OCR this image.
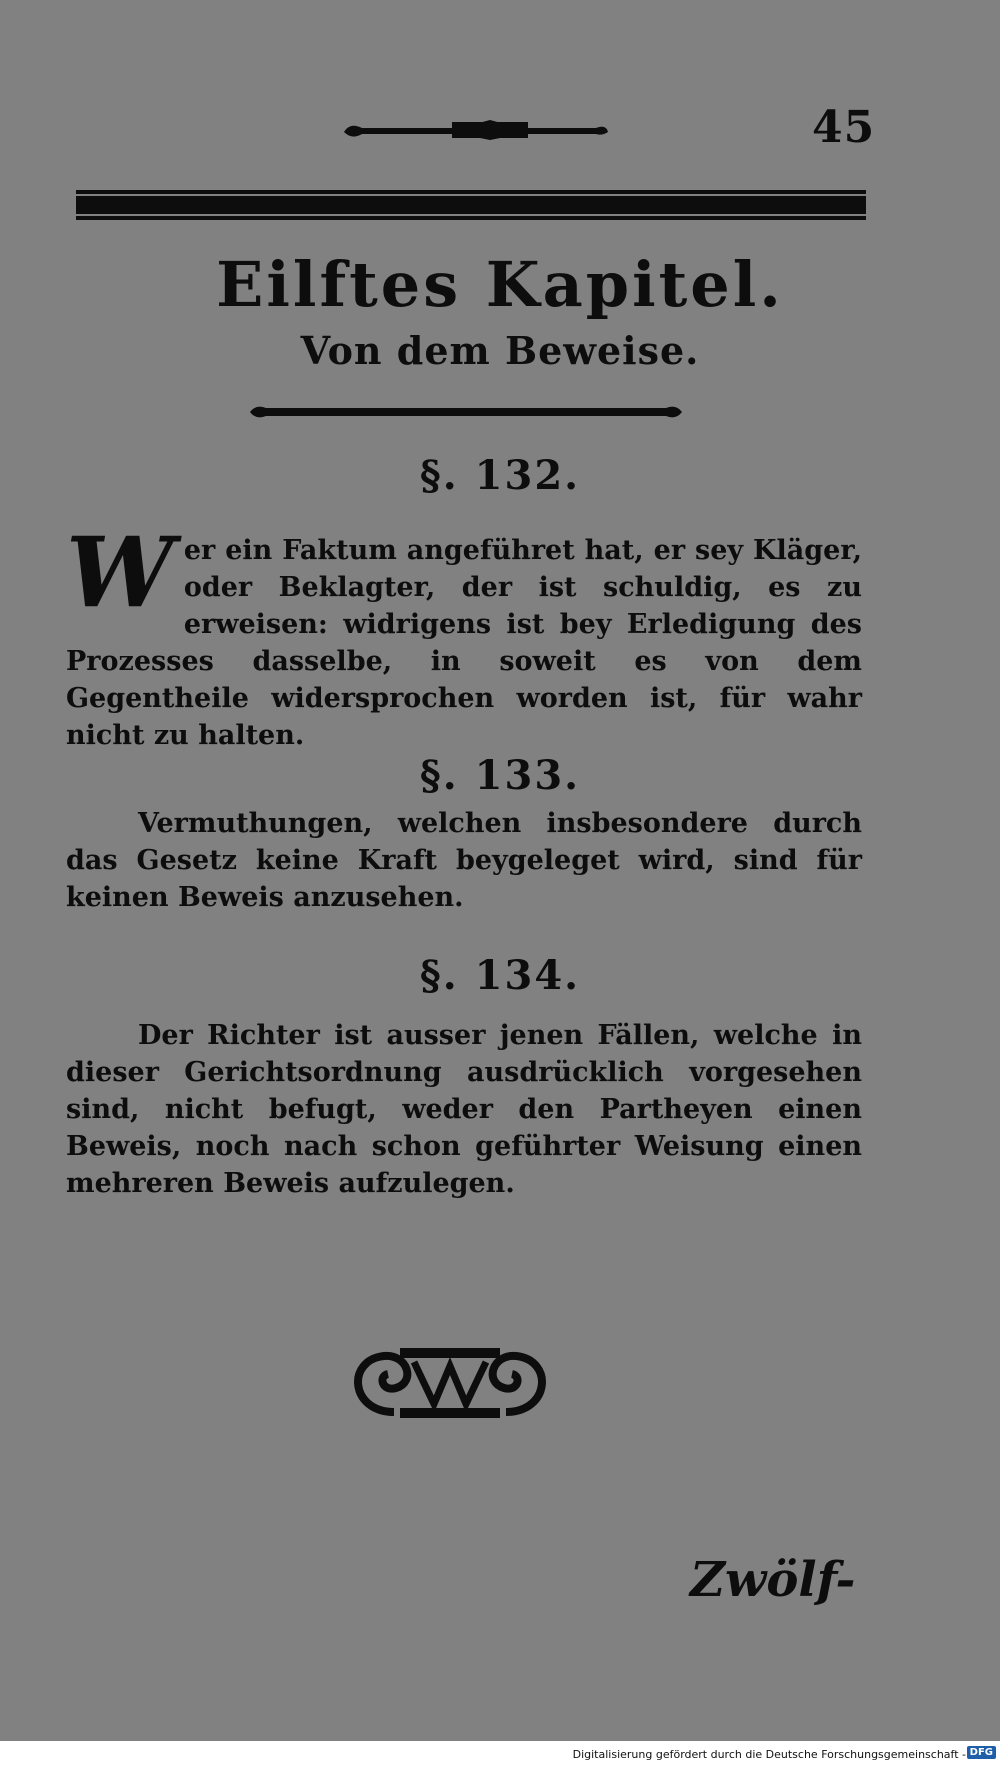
45
Eilftes Kapitel.
Von dem Beweise.
§. 132.

Wer ein Faktum angeführet hat, er sey Kläger, oder Beklagter, der ist schuldig, es zu erweisen: widrigens ist bey Erledigung des Prozesses dasselbe, in soweit es von dem Gegentheile widersprochen worden ist, für wahr nicht zu halten.

§. 133.

Vermuthungen, welchen insbesondere durch das Gesetz keine Kraft beygeleget wird, sind für keinen Beweis anzusehen.

§. 134.

Der Richter ist ausser jenen Fällen, welche in dieser Gerichtsordnung ausdrücklich vorgesehen sind, nicht befugt, weder den Partheyen einen Beweis, noch nach schon geführter Weisung einen mehreren Beweis aufzulegen.

Zwölf-
Digitalisierung gefördert durch die Deutsche Forschungsgemeinschaft - DFG
